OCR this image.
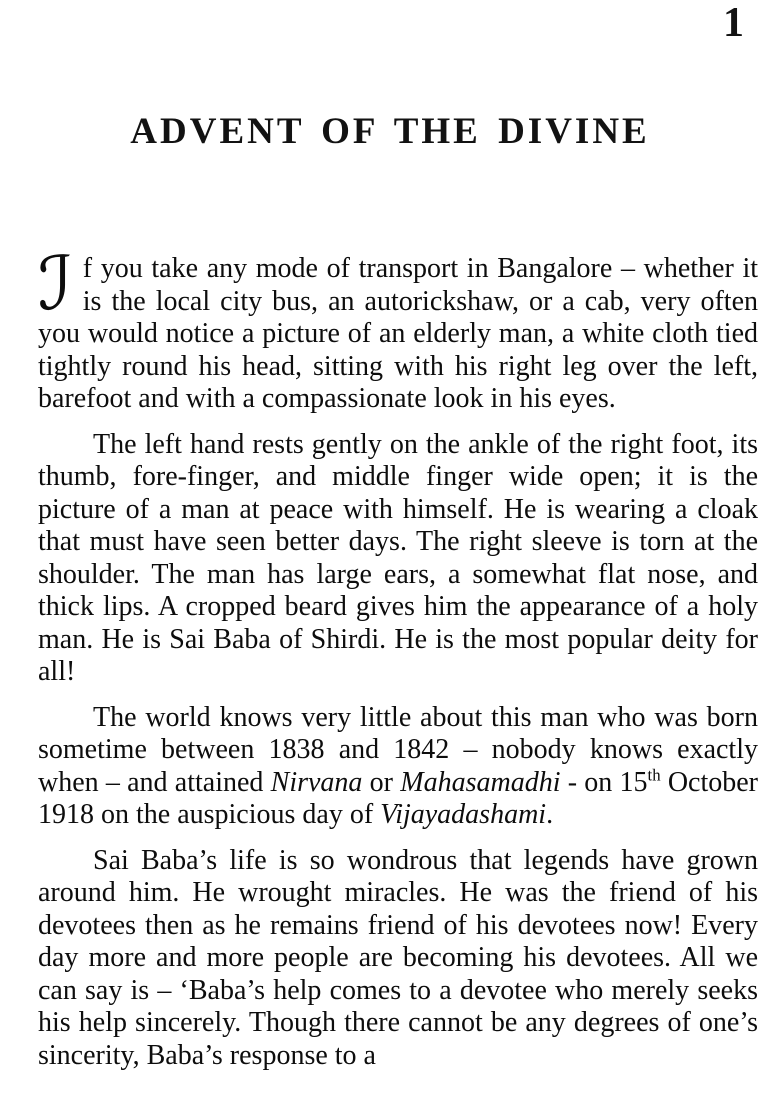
1
ADVENT OF THE DIVINE

ℐf you take any mode of transport in Bangalore – whether it is the local city bus, an autorickshaw, or a cab, very often you would notice a picture of an elderly man, a white cloth tied tightly round his head, sitting with his right leg over the left, barefoot and with a compassionate look in his eyes.

The left hand rests gently on the ankle of the right foot, its thumb, fore-finger, and middle finger wide open; it is the picture of a man at peace with himself. He is wearing a cloak that must have seen better days. The right sleeve is torn at the shoulder. The man has large ears, a somewhat flat nose, and thick lips. A cropped beard gives him the appearance of a holy man. He is Sai Baba of Shirdi. He is the most popular deity for all!

The world knows very little about this man who was born sometime between 1838 and 1842 – nobody knows exactly when – and attained Nirvana or Mahasamadhi - on 15th October 1918 on the auspicious day of Vijayadashami.

Sai Baba’s life is so wondrous that legends have grown around him. He wrought miracles. He was the friend of his devotees then as he remains friend of his devotees now! Every day more and more people are becoming his devotees. All we can say is – ‘Baba’s help comes to a devotee who merely seeks his help sincerely. Though there cannot be any degrees of one’s sincerity, Baba’s response to a
